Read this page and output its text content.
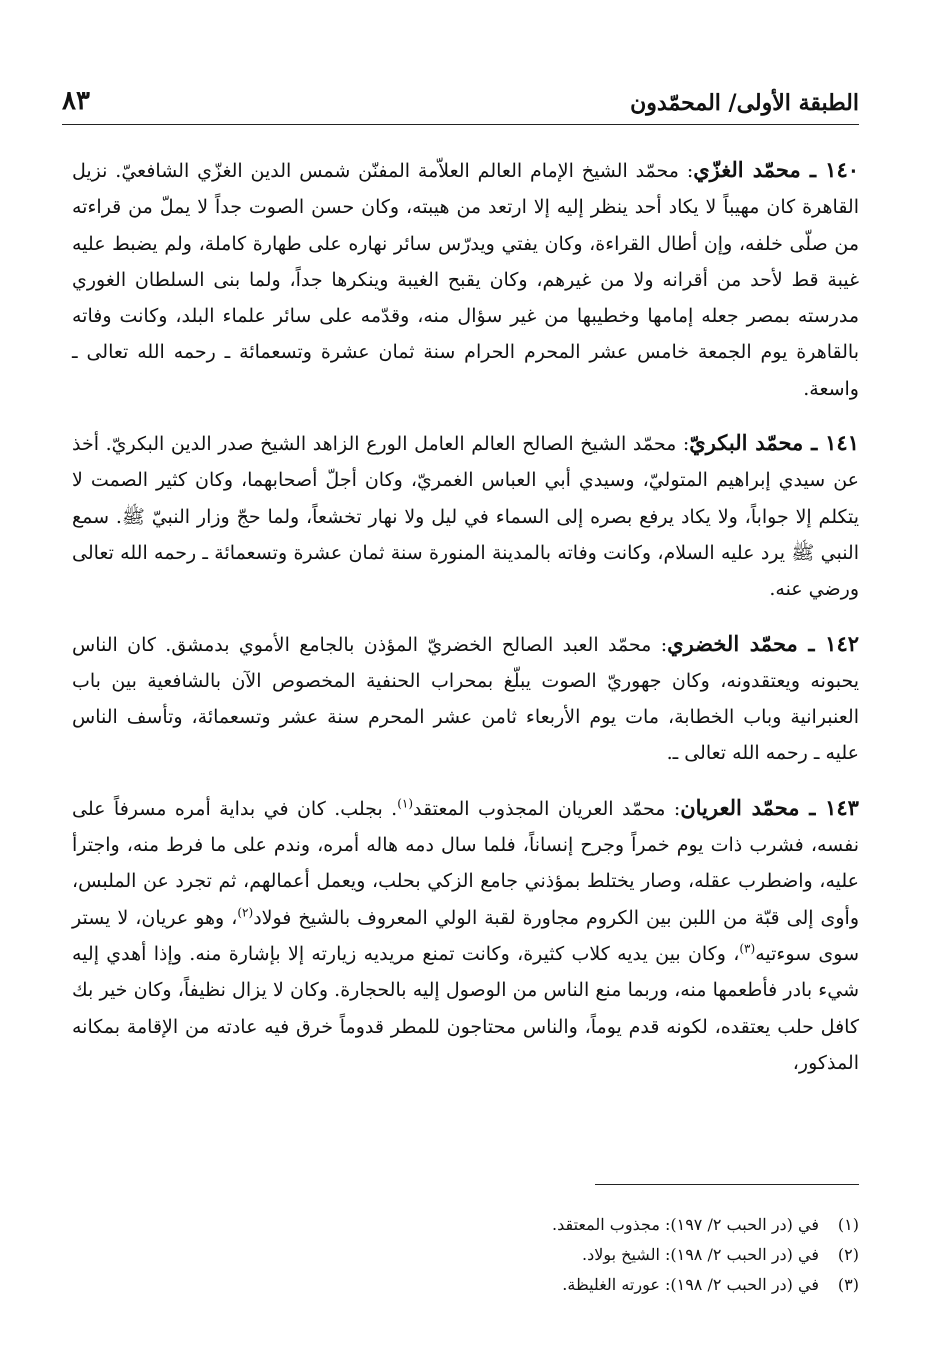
الطبقة الأولى/ المحمّدون
٨٣

١٤٠ ـ محمّد الغزّي: محمّد الشيخ الإمام العالم العلاّمة المفنّن شمس الدين الغزّي الشافعيّ. نزيل القاهرة كان مهيباً لا يكاد أحد ينظر إليه إلا ارتعد من هيبته، وكان حسن الصوت جداً لا يملّ من قراءته من صلّى خلفه، وإن أطال القراءة، وكان يفتي ويدرّس سائر نهاره على طهارة كاملة، ولم يضبط عليه غيبة قط لأحد من أقرانه ولا من غيرهم، وكان يقبح الغيبة وينكرها جداً، ولما بنى السلطان الغوري مدرسته بمصر جعله إمامها وخطيبها من غير سؤال منه، وقدّمه على سائر علماء البلد، وكانت وفاته بالقاهرة يوم الجمعة خامس عشر المحرم الحرام سنة ثمان عشرة وتسعمائة ـ رحمه الله تعالى ـ واسعة.

١٤١ ـ محمّد البكريّ: محمّد الشيخ الصالح العالم العامل الورع الزاهد الشيخ صدر الدين البكريّ. أخذ عن سيدي إبراهيم المتوليّ، وسيدي أبي العباس الغمريّ، وكان أجلّ أصحابهما، وكان كثير الصمت لا يتكلم إلا جواباً، ولا يكاد يرفع بصره إلى السماء في ليل ولا نهار تخشعاً، ولما حجّ وزار النبيّ ﷺ. سمع النبي ﷺ يرد عليه السلام، وكانت وفاته بالمدينة المنورة سنة ثمان عشرة وتسعمائة ـ رحمه الله تعالى ورضي عنه.

١٤٢ ـ محمّد الخضري: محمّد العبد الصالح الخضريّ المؤذن بالجامع الأموي بدمشق. كان الناس يحبونه ويعتقدونه، وكان جهوريّ الصوت يبلّغ بمحراب الحنفية المخصوص الآن بالشافعية بين باب العنبرانية وباب الخطابة، مات يوم الأربعاء ثامن عشر المحرم سنة عشر وتسعمائة، وتأسف الناس عليه ـ رحمه الله تعالى ـ.

١٤٣ ـ محمّد العريان: محمّد العريان المجذوب المعتقد$^{(١)}$. بجلب. كان في بداية أمره مسرفاً على نفسه، فشرب ذات يوم خمراً وجرح إنساناً، فلما سال دمه هاله أمره، وندم على ما فرط منه، واجترأ عليه، واضطرب عقله، وصار يختلط بمؤذني جامع الزكي بحلب، ويعمل أعمالهم، ثم تجرد عن الملبس، وأوى إلى قبّة من اللبن بين الكروم مجاورة لقبة الولي المعروف بالشيخ فولاد$^{(٢)}$، وهو عريان، لا يستر سوى سوءتيه$^{(٣)}$، وكان بين يديه كلاب كثيرة، وكانت تمنع مريديه زيارته إلا بإشارة منه. وإذا أهدي إليه شيء بادر فأطعمها منه، وربما منع الناس من الوصول إليه بالحجارة. وكان لا يزال نظيفاً، وكان خير بك كافل حلب يعتقده، لكونه قدم يوماً، والناس محتاجون للمطر قدوماً خرق فيه عادته من الإقامة بمكانه المذكور،

(١)في (در الحبب ٢/ ١٩٧): مجذوب المعتقد.
(٢)في (در الحبب ٢/ ١٩٨): الشيخ بولاد.
(٣)في (در الحبب ٢/ ١٩٨): عورته الغليظة.
